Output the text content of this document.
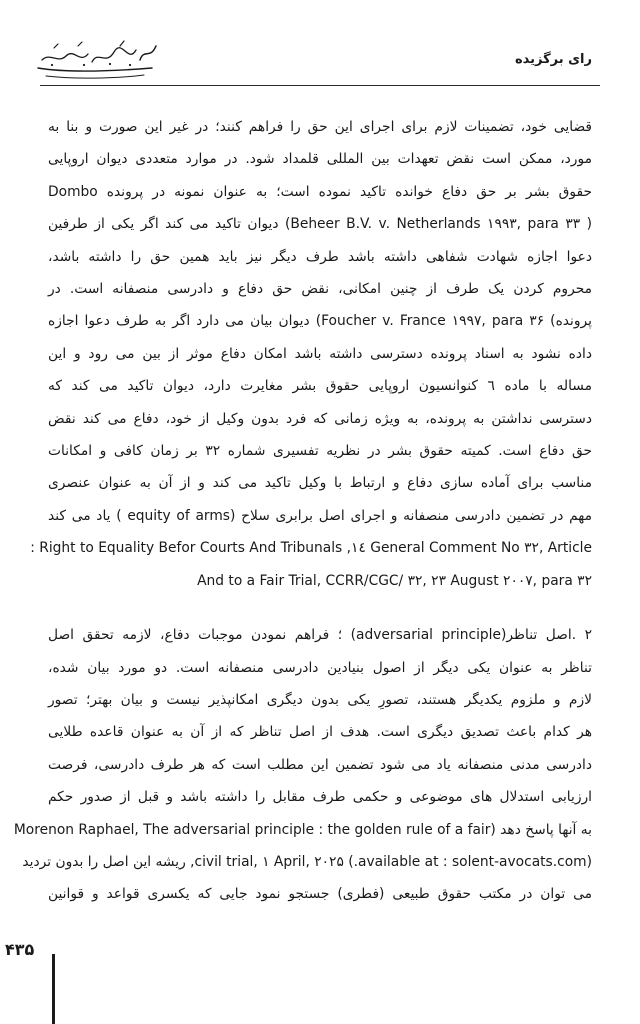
رای برگزیده

قضایی خود، تضمینات لازم برای اجرای این حق را فراهم کنند؛ در غیر این صورت و بنا به
مورد، ممکن است نقض تعهدات بین المللی قلمداد شود. در موارد متعددی دیوان اروپایی
حقوق بشر بر حق دفاع خوانده تاکید نموده است؛ به عنوان نمونه در پرونده Dombo
( Beheer B.V. v. Netherlands ۱۹۹۳, para ۳۳) دیوان تاکید می کند اگر یکی از طرفین
دعوا اجازه شهادت شفاهی داشته باشد طرف دیگر نیز باید همین حق را داشته باشد،
محروم کردن یک طرف از چنین امکانی، نقض حق دفاع و دادرسی منصفانه است. در
پرونده) Foucher v. France ۱۹۹۷, para ۳۶) دیوان بیان می دارد اگر به طرف دعوا اجازه
داده نشود به اسناد پرونده دسترسی داشته باشد امکان دفاع موثر از بین می رود و این
مساله با ماده ٦ کنوانسیون اروپایی حقوق بشر مغایرت دارد، دیوان تاکید می کند که
دسترسی نداشتن به پرونده، به ویژه زمانی که فرد بدون وکیل از خود، دفاع می کند نقض
حق دفاع است. کمیته حقوق بشر در نظریه تفسیری شماره ۳۲ بر زمان کافی و امکانات
مناسب برای آماده سازی دفاع و ارتباط با وکیل تاکید می کند و از آن به عنوان عنصری
مهم در تضمین دادرسی منصفانه و اجرای اصل برابری سلاح (equity of arms ) یاد می کند
General Comment No ۳۲, Article ١٤, Right to Equality Befor Courts And Tribunals :
And to a Fair Trial, CCRR/CGC/ ۳۲, ۲۳ August ۲۰۰۷, para ۳۲

۲ .اصل تناظر(adversarial principle) ؛ فراهم نمودن موجبات دفاع، لازمه تحقق اصل
تناظر به عنوان یکی دیگر از اصول بنیادین دادرسی منصفانه است. دو مورد بیان شده،
لازم و ملزوم یکدیگر هستند، تصورِ یکی بدون دیگری امکانپذیر نیست و بیان بهتر؛ تصور
هر کدام باعث تصدیق دیگری است. هدف از اصل تناظر که از آن به عنوان قاعده طلایی
دادرسی مدنی منصفانه یاد می شود تضمین این مطلب است که هر طرف دادرسی، فرصت
ارزیابی استدلال های موضوعی و حکمی طرف مقابل را داشته باشد و قبل از صدور حکم
به آنها پاسخ دهد (Morenon Raphael, The adversarial principle : the golden rule of a fair
civil trial, ۱ April, ۲۰۲۵ (.available at : solent-avocats.com), ریشه این اصل را بدون تردید
می توان در مکتب حقوق طبیعی (فطری) جستجو نمود جایی که یکسری قواعد و قوانین

۴۳۵
